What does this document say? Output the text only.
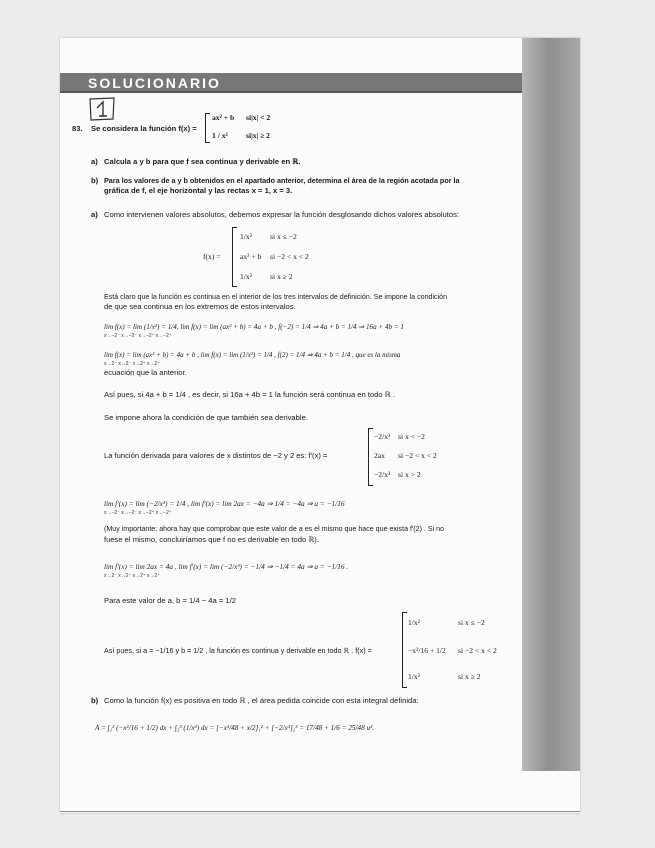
SOLUCIONARIO
1
83. Se considera la función f(x) =
ax² + b si|x| < 2
1 / x² si|x| ≥ 2
a) Calcula a y b para que f sea continua y derivable en ℝ.
b) Para los valores de a y b obtenidos en el apartado anterior, determina el área de la región acotada por la
gráfica de f, el eje horizontal y las rectas x = 1, x = 3.
a) Como intervienen valores absolutos, debemos expresar la función desglosando dichos valores absolutos:
f(x) =
1/x² si x ≤ −2
ax² + b si −2 < x < 2
1/x² si x ≥ 2
Está claro que la función es continua en el interior de los tres intervalos de definición. Se impone la condición
de que sea continua en los extremos de estos intervalos.
lim f(x) = lim (1/x²) = 1/4, lim f(x) = lim (ax² + b) = 4a + b , f(−2) = 1/4 ⇒ 4a + b = 1/4 ⇒ 16a + 4b = 1
x→−2⁻ x→−2⁻ x→−2⁺ x→−2⁺
lim f(x) = lim (ax² + b) = 4a + b , lim f(x) = lim (1/x²) = 1/4 , f(2) = 1/4 ⇒ 4a + b = 1/4 , que es la misma
x→2⁻ x→2⁻ x→2⁺ x→2⁺
ecuación que la anterior.
Así pues, si 4a + b = 1/4 , es decir, si 16a + 4b = 1 la función será continua en todo ℝ .
Se impone ahora la condición de que también sea derivable.
La función derivada para valores de x distintos de −2 y 2 es: f′(x) =
−2/x³ si x < −2
2ax si −2 < x < 2
−2/x³ si x > 2
lim f′(x) = lim (−2/x³) = 1/4 , lim f′(x) = lim 2ax = −4a ⇒ 1/4 = −4a ⇒ a = −1/16
x→−2⁻ x→−2⁻ x→−2⁺ x→−2⁺
(Muy importante: ahora hay que comprobar que este valor de a es el mismo que hace que exista f′(2) . Si no
fuese el mismo, concluiríamos que f no es derivable en todo ℝ).
lim f′(x) = lim 2ax = 4a , lim f′(x) = lim (−2/x³) = −1/4 ⇒ −1/4 = 4a ⇒ a = −1/16 .
x→2⁻ x→2⁻ x→2⁺ x→2⁺
Para este valor de a, b = 1/4 − 4a = 1/2
Así pues, si a = −1/16 y b = 1/2 , la función es continua y derivable en todo ℝ . f(x) =
1/x²	si x ≤ −2
−x²/16 + 1/2 si −2 < x < 2
1/x²	si x ≥ 2
b) Como la función f(x) es positiva en todo ℝ , el área pedida coincide con esta integral definida:
A = ∫₁² (−x²/16 + 1/2) dx + ∫₂³ (1/x²) dx = [−x³/48 + x/2]₁² + [−2/x³]₂³ = 17/48 + 1/6 = 25/48 u².
